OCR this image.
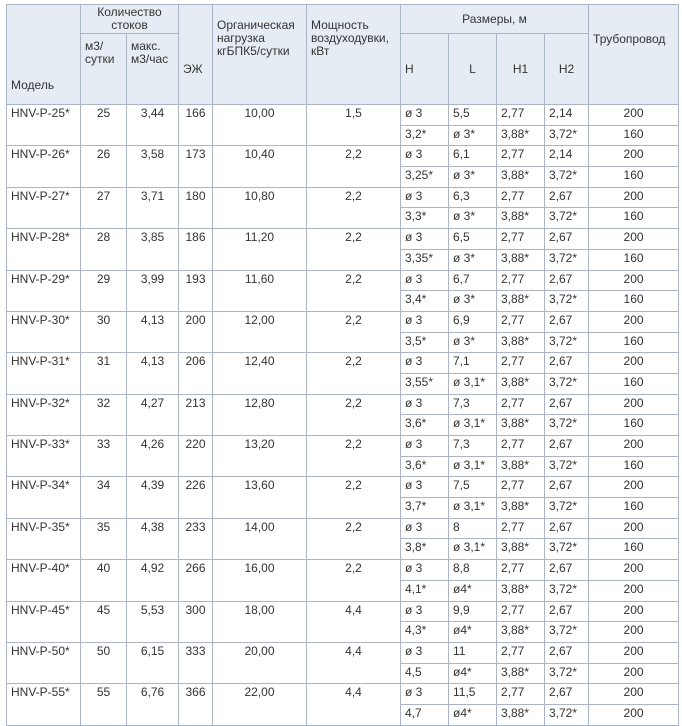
Модель	Количество стоков		ЭЖ	Органическая нагрузка кгБПК5/сутки	Мощность воздуходувки, кВт	Размеры, м				Трубопровод

	м3/сутки	макс. м3/час				H	L	H1	H2	
HNV-P-25*	25	3,44	166	10,00	1,5	ø 3	5,5	2,77	2,14	200
						3,2*	ø 3*	3,88*	3,72*	160
HNV-P-26*	26	3,58	173	10,40	2,2	ø 3	6,1	2,77	2,14	200
						3,25*	ø 3*	3,88*	3,72*	160
HNV-P-27*	27	3,71	180	10,80	2,2	ø 3	6,3	2,77	2,67	200
						3,3*	ø 3*	3,88*	3,72*	160
HNV-P-28*	28	3,85	186	11,20	2,2	ø 3	6,5	2,77	2,67	200
						3,35*	ø 3*	3,88*	3,72*	160
HNV-P-29*	29	3,99	193	11,60	2,2	ø 3	6,7	2,77	2,67	200
						3,4*	ø 3*	3,88*	3,72*	160
HNV-P-30*	30	4,13	200	12,00	2,2	ø 3	6,9	2,77	2,67	200
						3,5*	ø 3*	3,88*	3,72*	160
HNV-P-31*	31	4,13	206	12,40	2,2	ø 3	7,1	2,77	2,67	200
						3,55*	ø 3,1*	3,88*	3,72*	160
HNV-P-32*	32	4,27	213	12,80	2,2	ø 3	7,3	2,77	2,67	200
						3,6*	ø 3,1*	3,88*	3,72*	160
HNV-P-33*	33	4,26	220	13,20	2,2	ø 3	7,3	2,77	2,67	200
						3,6*	ø 3,1*	3,88*	3,72*	160
HNV-P-34*	34	4,39	226	13,60	2,2	ø 3	7,5	2,77	2,67	200
						3,7*	ø 3,1*	3,88*	3,72*	160
HNV-P-35*	35	4,38	233	14,00	2,2	ø 3	8	2,77	2,67	200
						3,8*	ø 3,1*	3,88*	3,72*	160
HNV-P-40*	40	4,92	266	16,00	2,2	ø 3	8,8	2,77	2,67	200
						4,1*	ø4*	3,88*	3,72*	200
HNV-P-45*	45	5,53	300	18,00	4,4	ø 3	9,9	2,77	2,67	200
						4,3*	ø4*	3,88*	3,72*	200
HNV-P-50*	50	6,15	333	20,00	4,4	ø 3	11	2,77	2,67	200
						4,5	ø4*	3,88*	3,72*	200
HNV-P-55*	55	6,76	366	22,00	4,4	ø 3	11,5	2,77	2,67	200
						4,7	ø4*	3,88*	3,72*	200
